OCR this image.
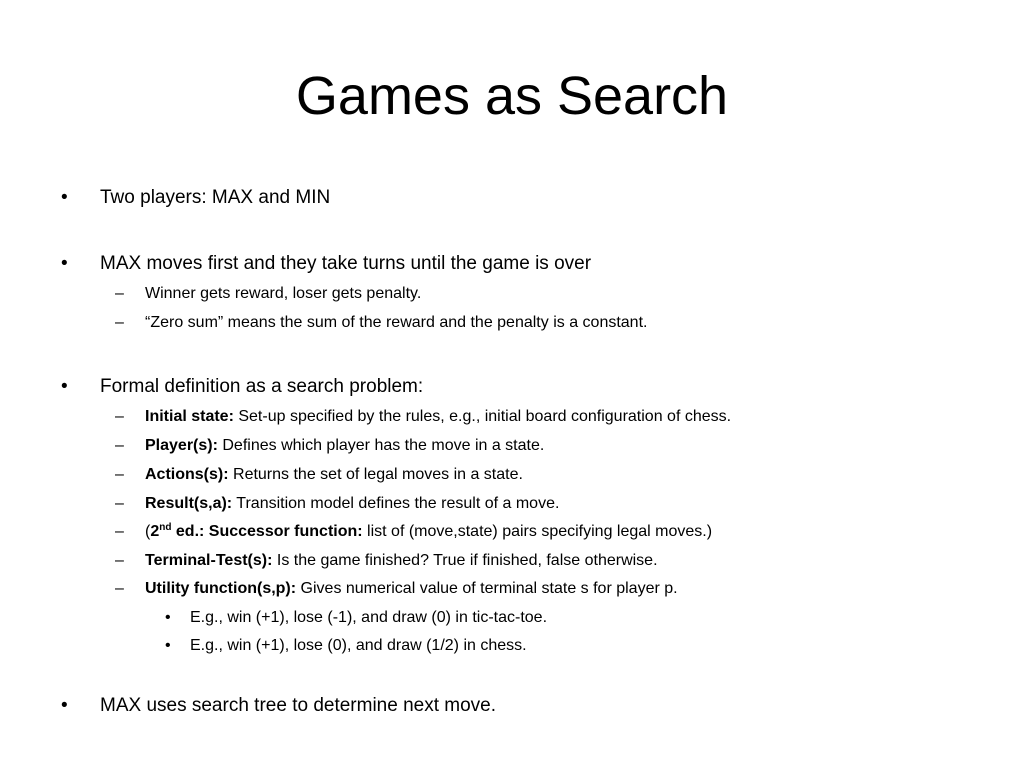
Games as Search
• Two players: MAX and MIN
• MAX moves first and they take turns until the game is over
– Winner gets reward, loser gets penalty.
– “Zero sum” means the sum of the reward and the penalty is a constant.
• Formal definition as a search problem:
– Initial state: Set-up specified by the rules, e.g., initial board configuration of chess.
– Player(s): Defines which player has the move in a state.
– Actions(s): Returns the set of legal moves in a state.
– Result(s,a): Transition model defines the result of a move.
– (2nd ed.: Successor function: list of (move,state) pairs specifying legal moves.)
– Terminal-Test(s): Is the game finished? True if finished, false otherwise.
– Utility function(s,p): Gives numerical value of terminal state s for player p.
• E.g., win (+1), lose (-1), and draw (0) in tic-tac-toe.
• E.g., win (+1), lose (0), and draw (1/2) in chess.
• MAX uses search tree to determine next move.
